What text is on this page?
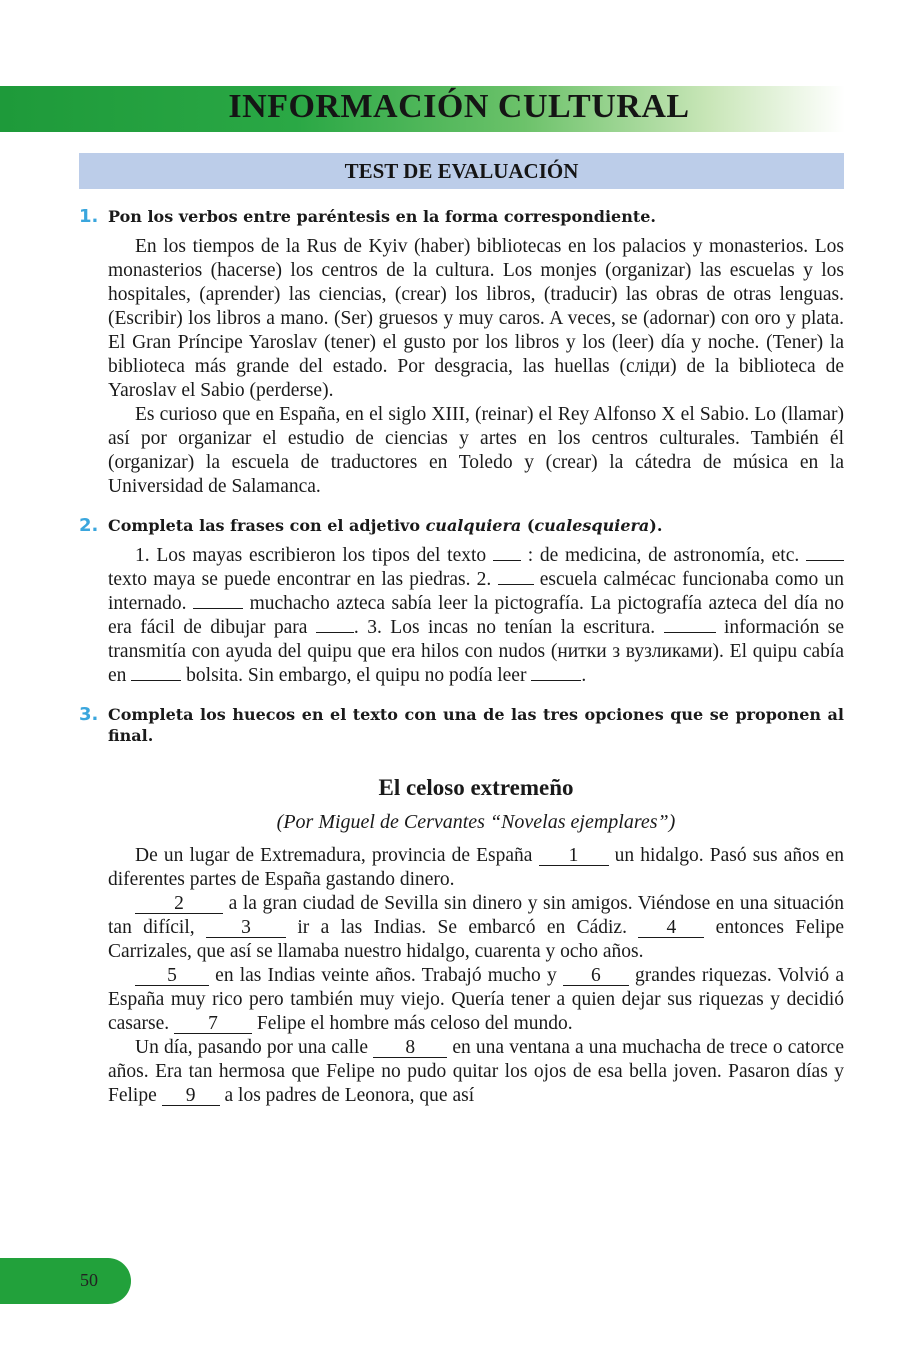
INFORMACIÓN CULTURAL
TEST DE EVALUACIÓN
1. Pon los verbos entre paréntesis en la forma correspondiente.

En los tiempos de la Rus de Kyiv (haber) bibliotecas en los palacios y monasterios. Los monasterios (hacerse) los centros de la cultura. Los monjes (organizar) las escuelas y los hospitales, (aprender) las ciencias, (crear) los libros, (traducir) las obras de otras lenguas. (Escribir) los libros a mano. (Ser) gruesos y muy caros. A veces, se (adornar) con oro y plata. El Gran Príncipe Yaroslav (tener) el gusto por los libros y los (leer) día y noche. (Tener) la biblioteca más grande del estado. Por desgracia, las huellas (сліди) de la biblioteca de Yaroslav el Sabio (perderse).

Es curioso que en España, en el siglo XIII, (reinar) el Rey Alfonso X el Sabio. Lo (llamar) así por organizar el estudio de ciencias y artes en los centros culturales. También él (organizar) la escuela de traductores en Toledo y (crear) la cátedra de música en la Universidad de Salamanca.

2. Completa las frases con el adjetivo cualquiera (cualesquiera).

1. Los mayas escribieron los tipos del texto  : de medicina, de astronomía, etc.  texto maya se puede encontrar en las piedras. 2.  escuela calmécac funcionaba como un internado.	muchacho azteca sabía leer la pictografía. La pictografía azteca del día no era fácil de dibujar para . 3. Los incas no tenían la escritura.	información se transmitía con ayuda del quipu que era hilos con nudos (нитки з вузликами). El quipu cabía en	bolsita. Sin embargo, el quipu no podía leer	.

3. Completa los huecos en el texto con una de las tres opciones que se proponen al final.
El celoso extremeño

(Por Miguel de Cervantes “Novelas ejemplares”)

De un lugar de Extremadura, provincia de España 1 un hidalgo. Pasó sus años en diferentes partes de España gastando dinero.

2 a la gran ciudad de Sevilla sin dinero y sin amigos. Viéndose en una situación tan difícil, 3 ir a las Indias. Se embarcó en Cádiz. 4 entonces Felipe Carrizales, que así se llamaba nuestro hidalgo, cuarenta y ocho años.

5 en las Indias veinte años. Trabajó mucho y 6 grandes riquezas. Volvió a España muy rico pero también muy viejo. Quería tener a quien dejar sus riquezas y decidió casarse. 7 Felipe el hombre más celoso del mundo.

Un día, pasando por una calle 8 en una ventana a una muchacha de trece o catorce años. Era tan hermosa que Felipe no pudo quitar los ojos de esa bella joven. Pasaron días y Felipe 9 a los padres de Leonora, que así

50
